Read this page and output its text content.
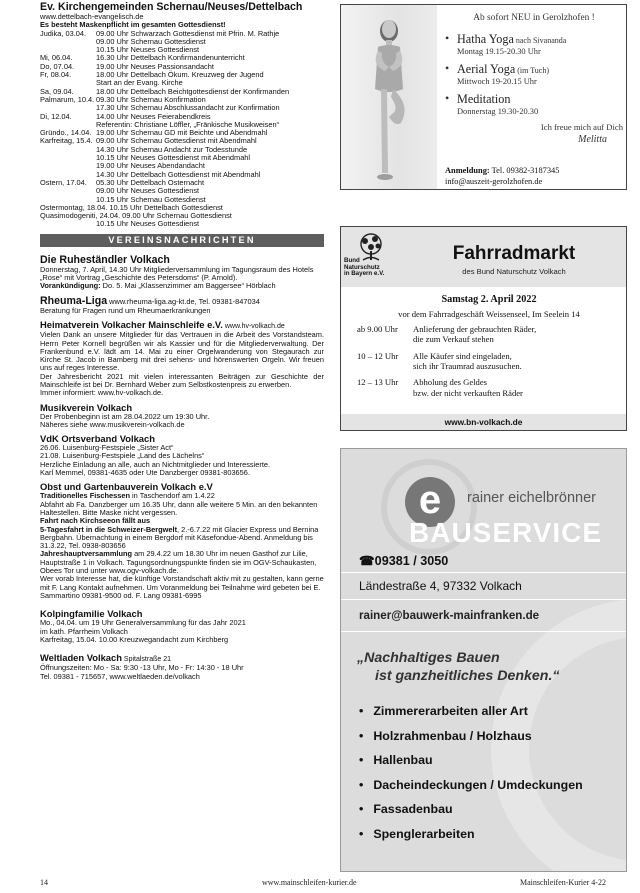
Ev. Kirchengemeinden Schernau/Neuses/Dettelbach
www.dettelbach-evangelisch.de
Es besteht Maskenpflicht im gesamten Gottesdienst!
Judika, 03.04.	09.00 Uhr Schwarzach Gottesdienst mit Pfrin. M. Rathje
09.00 Uhr Schernau Gottesdienst
10.15 Uhr Neuses Gottesdienst
Mi, 06.04.	16.30 Uhr Dettelbach Konfirmandenunterricht
Do, 07.04.	19.00 Uhr Neuses Passionsandacht
Fr, 08.04.	18.00 Uhr Dettelbach Ökum. Kreuzweg der Jugend
Start an der Evang. Kirche
Sa, 09.04.	18.00 Uhr Dettelbach Beichtgottesdienst der Konfirmanden
Palmarum, 10.4. 09.30 Uhr Schernau Konfirmation
17.30 Uhr Schernau Abschlussandacht zur Konfirmation
Di, 12.04.	14.00 Uhr Neuses Feierabendkreis
Referentin: Christiane Löffler, „Fränkische Musikweisen“
Gründo., 14.04. 19.00 Uhr Schernau GD mit Beichte und Abendmahl
Karfreitag, 15.4. 09.00 Uhr Schernau Gottesdienst mit Abendmahl
14.30 Uhr Schernau Andacht zur Todesstunde
10.15 Uhr Neuses Gottesdienst mit Abendmahl
19.00 Uhr Neuses Abendandacht
14.30 Uhr Dettelbach Gottesdienst mit Abendmahl
Ostern, 17.04.	05.30 Uhr Dettelbach Osternacht
09.00 Uhr Neuses Gottesdienst
10.15 Uhr Schernau Gottesdienst
Ostermontag, 18.04. 10.15 Uhr Dettelbach Gottesdienst
Quasimodogeniti, 24.04. 09.00 Uhr Schernau Gottesdienst
10.15 Uhr Neuses Gottesdienst
VEREINSNACHRICHTEN
Die Ruheständler Volkach
Donnerstag, 7. April, 14.30 Uhr Mitgliederversammlung im Tagungsraum des Hotels „Rose“ mit Vortrag „Geschichte des Petersdoms“ (P. Arnold).
Vorankündigung: Do. 5. Mai „Klassenzimmer am Baggersee“ Hörblach
Rheuma-Liga www.rheuma-liga.ag-kt.de, Tel. 09381-847034
Beratung für Fragen rund um Rheumaerkrankungen
Heimatverein Volkacher Mainschleife e.V. www.hv-volkach.de
Vielen Dank an unsere Mitglieder für das Vertrauen in die Arbeit des Vorstandsteam. Herrn Peter Kornell begrüßen wir als Kassier und für die Mitgliederverwaltung. Der Frankenbund e.V. lädt am 14. Mai zu einer Orgelwanderung von Stegaurach zur Kirche St. Jacob in Bamberg mit drei sehens- und hörenswerten Orgeln. Wir freuen uns auf reges Interesse.
Der Jahresbericht 2021 mit vielen interessanten Beiträgen zur Geschichte der Mainschleife ist bei Dr. Bernhard Weber zum Selbstkostenpreis zu erwerben.
Immer informiert: www.hv-volkach.de.
Musikverein Volkach
Der Probenbeginn ist am 28.04.2022 um 19:30 Uhr.
Näheres siehe www.musikverein-volkach.de
VdK Ortsverband Volkach
26.06. Luisenburg-Festspiele „Sister Act“
21.08. Luisenburg-Festspiele „Land des Lächelns“
Herzliche Einladung an alle, auch an Nichtmitglieder und Interessierte.
Karl Memmel, 09381-4635 oder Ute Danzberger 09381-803656.
Obst und Gartenbauverein Volkach e.V
Traditionelles Fischessen in Taschendorf am 1.4.22
Abfahrt ab Fa. Danzberger um 16.35 Uhr, dann alle weitere 5 Min. an den bekannten Haltestellen. Bitte Maske nicht vergessen.
Fahrt nach Kirchseeon fällt aus
5-Tagesfahrt in die Schweizer-Bergwelt, 2.-6.7.22 mit Glacier Express und Bernina Bergbahn. Übernachtung in einem Bergdorf mit Käsefondue-Abend. Anmeldung bis 31.3.22, Tel. 0938-803656
Jahreshauptversammlung am 29.4.22 um 18.30 Uhr im neuen Gasthof zur Lilie, Hauptstraße 1 in Volkach. Tagungsordnungspunkte finden sie im OGV-Schaukasten, Obees Tor und unter www.ogv-volkach.de.
Wer vorab Interesse hat, die künftige Vorstandschaft aktiv mit zu gestalten, kann gerne mit F. Lang Kontakt aufnehmen. Um Voranmeldung bei Teilnahme wird gebeten bei E. Sammartino 09381-9500 od. F. Lang 09381-6995
Kolpingfamilie Volkach
Mo., 04.04. um 19 Uhr Generalversammlung für das Jahr 2021
im kath. Pfarrheim Volkach
Karfreitag, 15.04. 10.00 Kreuzwegandacht zum Kirchberg
Weltladen Volkach Spitalstraße 21
Öffnungszeiten: Mo - Sa: 9:30 -13 Uhr, Mo - Fr: 14:30 - 18 Uhr
Tel. 09381 - 715657, www.weltlaeden.de/volkach
Ab sofort NEU in Gerolzhofen !
• Hatha Yoga nach Sivananda
Montag 19.15-20.30 Uhr
• Aerial Yoga (im Tuch)
Mittwoch 19-20.15 Uhr
• Meditation
Donnerstag 19.30-20.30
Ich freue mich auf Dich
Melitta
Anmeldung: Tel. 09382-3187345
info@auszeit-gerolzhofen.de
Bund
Naturschutz
in Bayern e.V.
Fahrradmarkt
des Bund Naturschutz Volkach
Samstag 2. April 2022
vor dem Fahrradgeschäft Weissenseel, Im Seelein 14
ab 9.00 Uhr	Anlieferung der gebrauchten Räder,
die zum Verkauf stehen
10 – 12 Uhr	Alle Käufer sind eingeladen,
sich ihr Traumrad auszusuchen.
12 – 13 Uhr	Abholung des Geldes
bzw. der nicht verkauften Räder
www.bn-volkach.de
e	rainer eichelbrönner
BAUSERVICE
☎09381 / 3050
Ländestraße 4, 97332 Volkach
rainer@bauwerk-mainfranken.de
„Nachhaltiges Bauen
ist ganzheitliches Denken.“
• Zimmererarbeiten aller Art
• Holzrahmenbau / Holzhaus
• Hallenbau
• Dacheindeckungen / Umdeckungen
• Fassadenbau
• Spenglerarbeiten
14	www.mainschleifen-kurier.de	Mainschleifen-Kurier 4-22
